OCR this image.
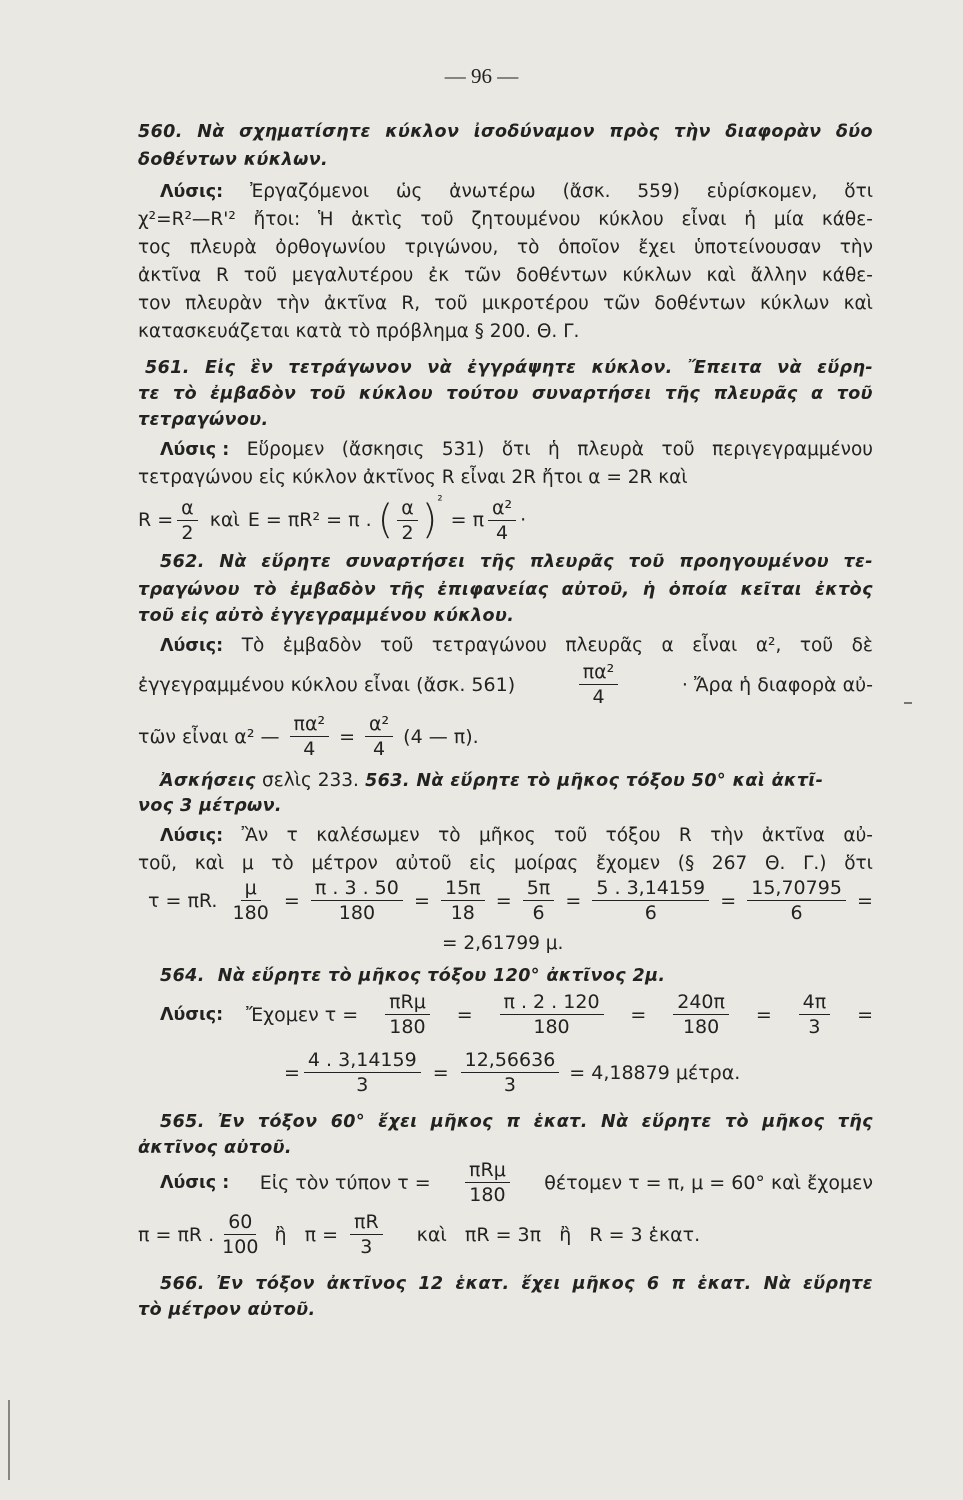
— 96 —
560. Νὰ σχηματίσητε κύκλον ἰσοδύναμον πρὸς τὴν διαφορὰν δύο
δοθέντων κύκλων.
Λύσις: Ἐργαζόμενοι ὡς ἀνωτέρω (ἄσκ. 559) εὑρίσκομεν, ὅτι
χ²=R²—R'² ἤτοι: Ἡ ἀκτὶς τοῦ ζητουμένου κύκλου εἶναι ἡ μία κάθε-
τος πλευρὰ ὀρθογωνίου τριγώνου, τὸ ὁποῖον ἔχει ὑποτείνουσαν τὴν
ἀκτῖνα R τοῦ μεγαλυτέρου ἐκ τῶν δοθέντων κύκλων καὶ ἄλλην κάθε-
τον πλευρὰν τὴν ἀκτῖνα R, τοῦ μικροτέρου τῶν δοθέντων κύκλων καὶ
κατασκευάζεται κατὰ τὸ πρόβλημα § 200. Θ. Γ.
561. Εἰς ἓν τετράγωνον νὰ ἐγγράψητε κύκλον. Ἔπειτα νὰ εὕρη-
τε τὸ ἐμβαδὸν τοῦ κύκλου τούτου συναρτήσει τῆς πλευρᾶς α τοῦ
τετραγώνου.
Λύσις : Εὕρομεν (ἄσκησις 531) ὅτι ἡ πλευρὰ τοῦ περιγεγραμμένου
τετραγώνου εἰς κύκλον ἀκτῖνος R εἶναι 2R ἤτοι α = 2R καὶ
$R = \frac{\alpha}{2}$ καὶ E = πR² = π . ( $\frac{\alpha}{2}$ ) ²
= π $\frac{\text{α²}}{4}$ ·
562. Νὰ εὕρητε συναρτήσει τῆς πλευρᾶς τοῦ προηγουμένου τε-
τραγώνου τὸ ἐμβαδὸν τῆς ἐπιφανείας αὐτοῦ, ἡ ὁποία κεῖται ἐκτὸς
τοῦ εἰς αὐτὸ ἐγγεγραμμένου κύκλου.
Λύσις: Τὸ ἐμβαδὸν τοῦ τετραγώνου πλευρᾶς α εἶναι α², τοῦ δὲ
ἐγγεγραμμένου κύκλου εἶναι (ἄσκ. 561)	$\frac{\text{πα²}}{4}$	· Ἄρα ἡ διαφορὰ αὐ-
τῶν εἶναι α² — $\frac{\text{πα²}}{4} = \frac{\text{α²}}{4} (4$ — π).
Ἀσκήσεις σελὶς 233. 563. Νὰ εὕρητε τὸ μῆκος τόξου 50° καὶ ἀκτῖ-
νος 3 μέτρων.
Λύσις: Ἂν τ καλέσωμεν τὸ μῆκος τοῦ τόξου R τὴν ἀκτῖνα αὐ-
τοῦ, καὶ μ τὸ μέτρον αὐτοῦ εἰς μοίρας ἔχομεν (§ 267 Θ. Γ.) ὅτι
τ = πR. $\frac{\mu}{180} = \frac{\pi . 3 . 50}{180} = \frac{15\pi}{18} = \frac{5\pi}{6} = \frac{5 . 3,14159}{6} = \frac{15,70795}{6}$ =
= 2,61799 μ.
564.  Νὰ εὕρητε τὸ μῆκος τόξου 120° ἀκτῖνος 2μ.
Λύσις: Ἔχομεν $\tau = \frac{\text{πRμ}}{180} = \frac{\pi . 2 . 120}{180} = \frac{240\pi}{180} = \frac{4\pi}{3}$ =
= $\frac{4 . 3,14159}{3} = \frac{12,56636}{3} = 4,18879$ μέτρα.
565. Ἐν τόξον 60° ἔχει μῆκος π ἑκατ. Νὰ εὕρητε τὸ μῆκος τῆς
ἀκτῖνος αὐτοῦ.
Λύσις : Εἰς τὸν τύπον $\tau = \frac{\text{πRμ}}{180}$ θέτομεν τ = π, μ = 60° καὶ ἔχομεν
π = πR . $\frac{60}{100}$ ἢ   $\pi = \frac{\pi R}{3}$ καὶ   πR = 3π   ἢ   R = 3 ἑκατ.
566. Ἐν τόξον ἀκτῖνος 12 ἑκατ. ἔχει μῆκος 6 π ἑκατ. Νὰ εὕρητε
τὸ μέτρον αὐτοῦ.
